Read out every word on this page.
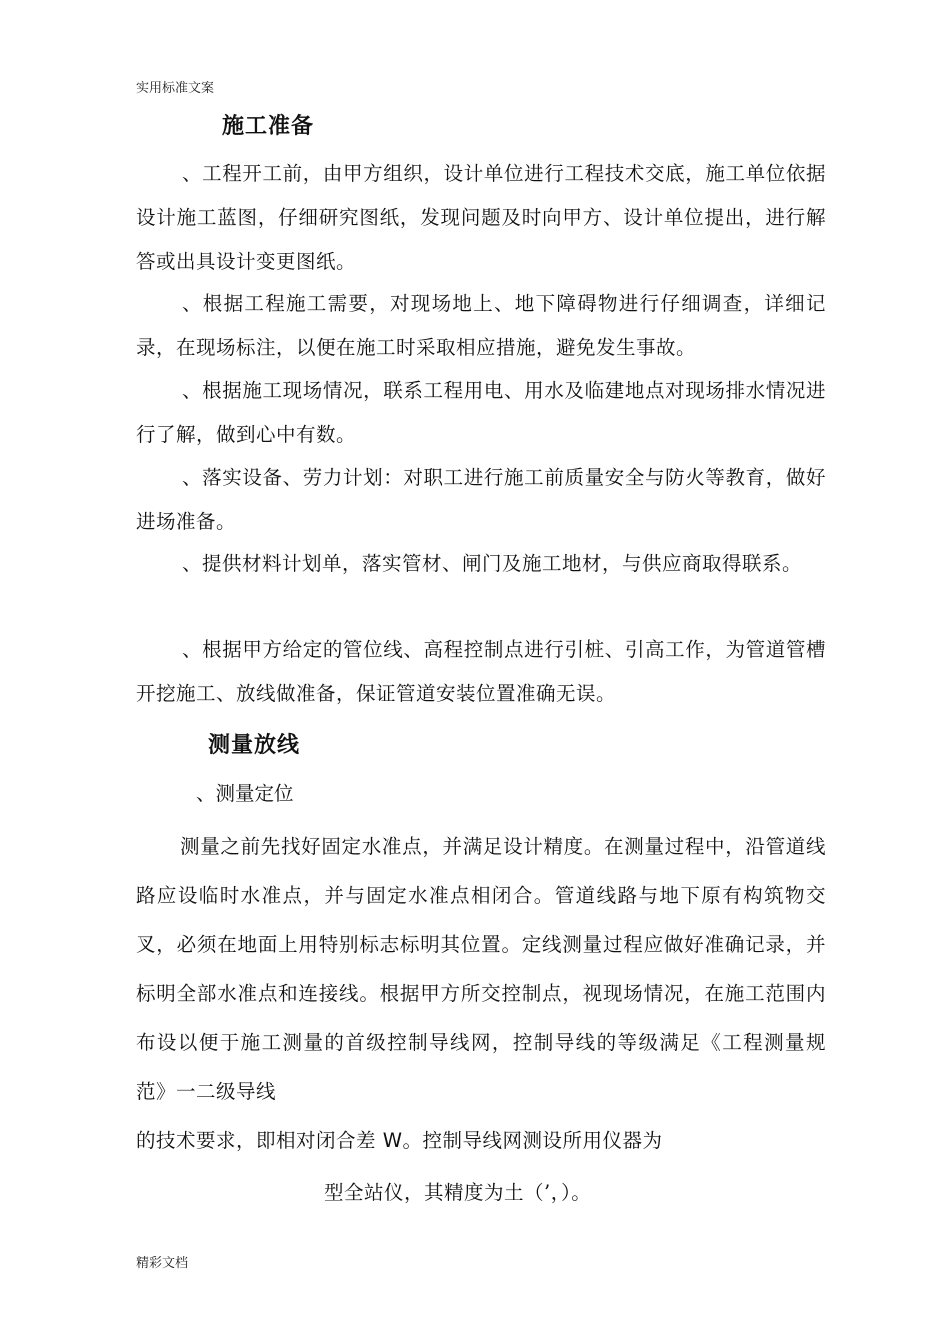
实用标准文案
施工准备
、工程开工前，由甲方组织，设计单位进行工程技术交底，施工单位依据设计施工蓝图，仔细研究图纸，发现问题及时向甲方、设计单位提出，进行解答或出具设计变更图纸。
、根据工程施工需要，对现场地上、地下障碍物进行仔细调查，详细记录，在现场标注，以便在施工时采取相应措施，避免发生事故。
、根据施工现场情况，联系工程用电、用水及临建地点对现场排水情况进行了解，做到心中有数。
、落实设备、劳力计划：对职工进行施工前质量安全与防火等教育，做好进场准备。
、提供材料计划单，落实管材、闸门及施工地材，与供应商取得联系。
、根据甲方给定的管位线、高程控制点进行引桩、引高工作，为管道管槽开挖施工、放线做准备，保证管道安装位置准确无误。
测量放线
、测量定位
测量之前先找好固定水准点，并满足设计精度。在测量过程中，沿管道线路应设临时水准点，并与固定水准点相闭合。管道线路与地下原有构筑物交叉，必须在地面上用特别标志标明其位置。定线测量过程应做好准确记录，并标明全部水准点和连接线。根据甲方所交控制点，视现场情况，在施工范围内布设以便于施工测量的首级控制导线网，控制导线的等级满足《工程测量规范》一二级导线
的技术要求，即相对闭合差 W。控制导线网测设所用仪器为
型全站仪，其精度为土（’，）。
精彩文档
